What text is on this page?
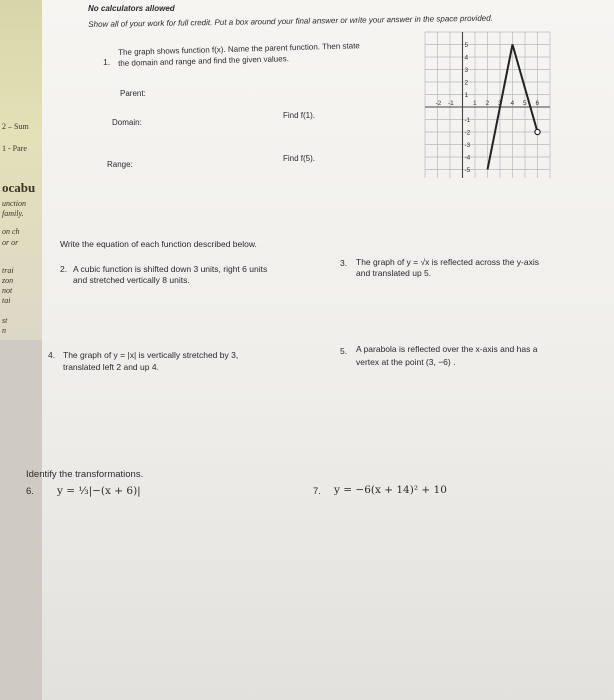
2 – Sum
1 - Pare
ocabu
unction
family.
on ch
or or
trai
zon
not
tai
st
n
No calculators allowed
Show all of your work for full credit. Put a box around your final answer or write your answer in the space provided.
1.
The graph shows function f(x). Name the parent function. Then state
the domain and range and find the given values.
Parent:
Domain:
Find f(1).
Range:
Find f(5).
-2 -1	1 2 3 4 5 6
5
4
3
2
1
-1
-2
-3
-4
-5
Write the equation of each function described below.
2. A cubic function is shifted down 3 units, right 6 units
and stretched vertically 8 units.
3. The graph of y = √x is reflected across the y-axis
and translated up 5.
4. The graph of y = |x| is vertically stretched by 3,
translated left 2 and up 4.
5. A parabola is reflected over the x-axis and has a
vertex at the point (3, −6) .
Identify the transformations.
6. y = ⅓|−(x + 6)|	7. y = −6(x + 14)² + 10
